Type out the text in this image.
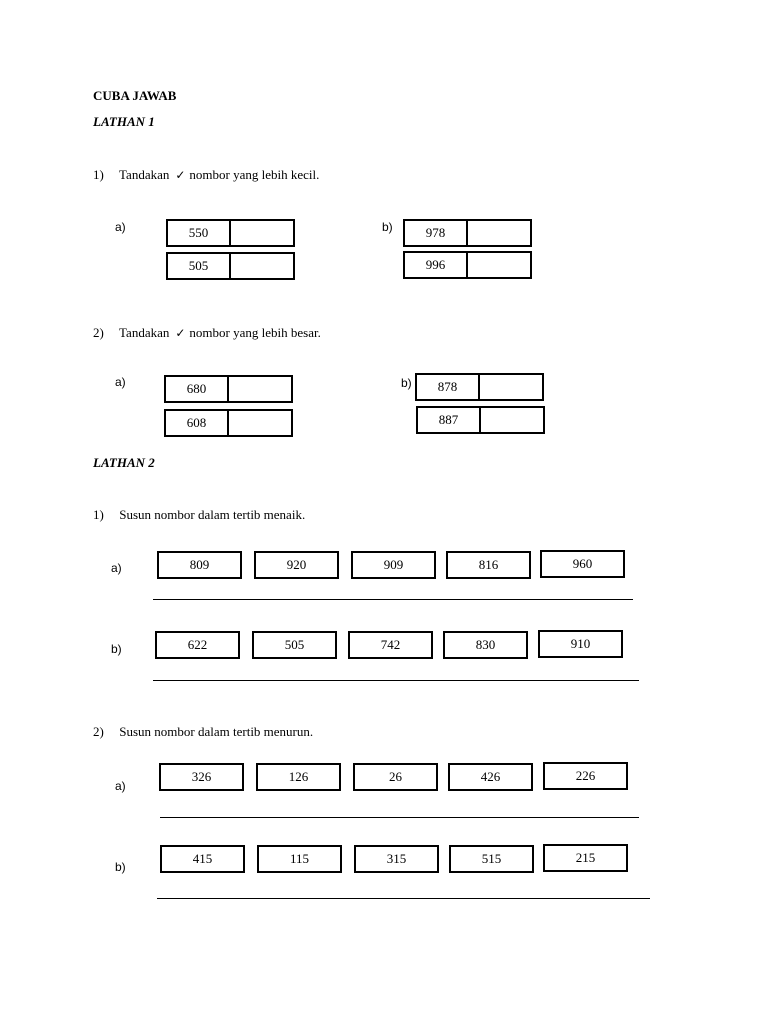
CUBA JAWAB
LATHAN 1
1) Tandakan ✓ nombor yang lebih kecil.
a)	550
505
b)	978
996
2) Tandakan ✓ nombor yang lebih besar.
a)	680
608
b)	878
887
LATHAN 2
1) Susun nombor dalam tertib menaik.
a)	809	920	909	816	960
b)	622	505	742	830	910
2) Susun nombor dalam tertib menurun.
a)
326	126	26	426	226
b)
415	115	315	515	215
